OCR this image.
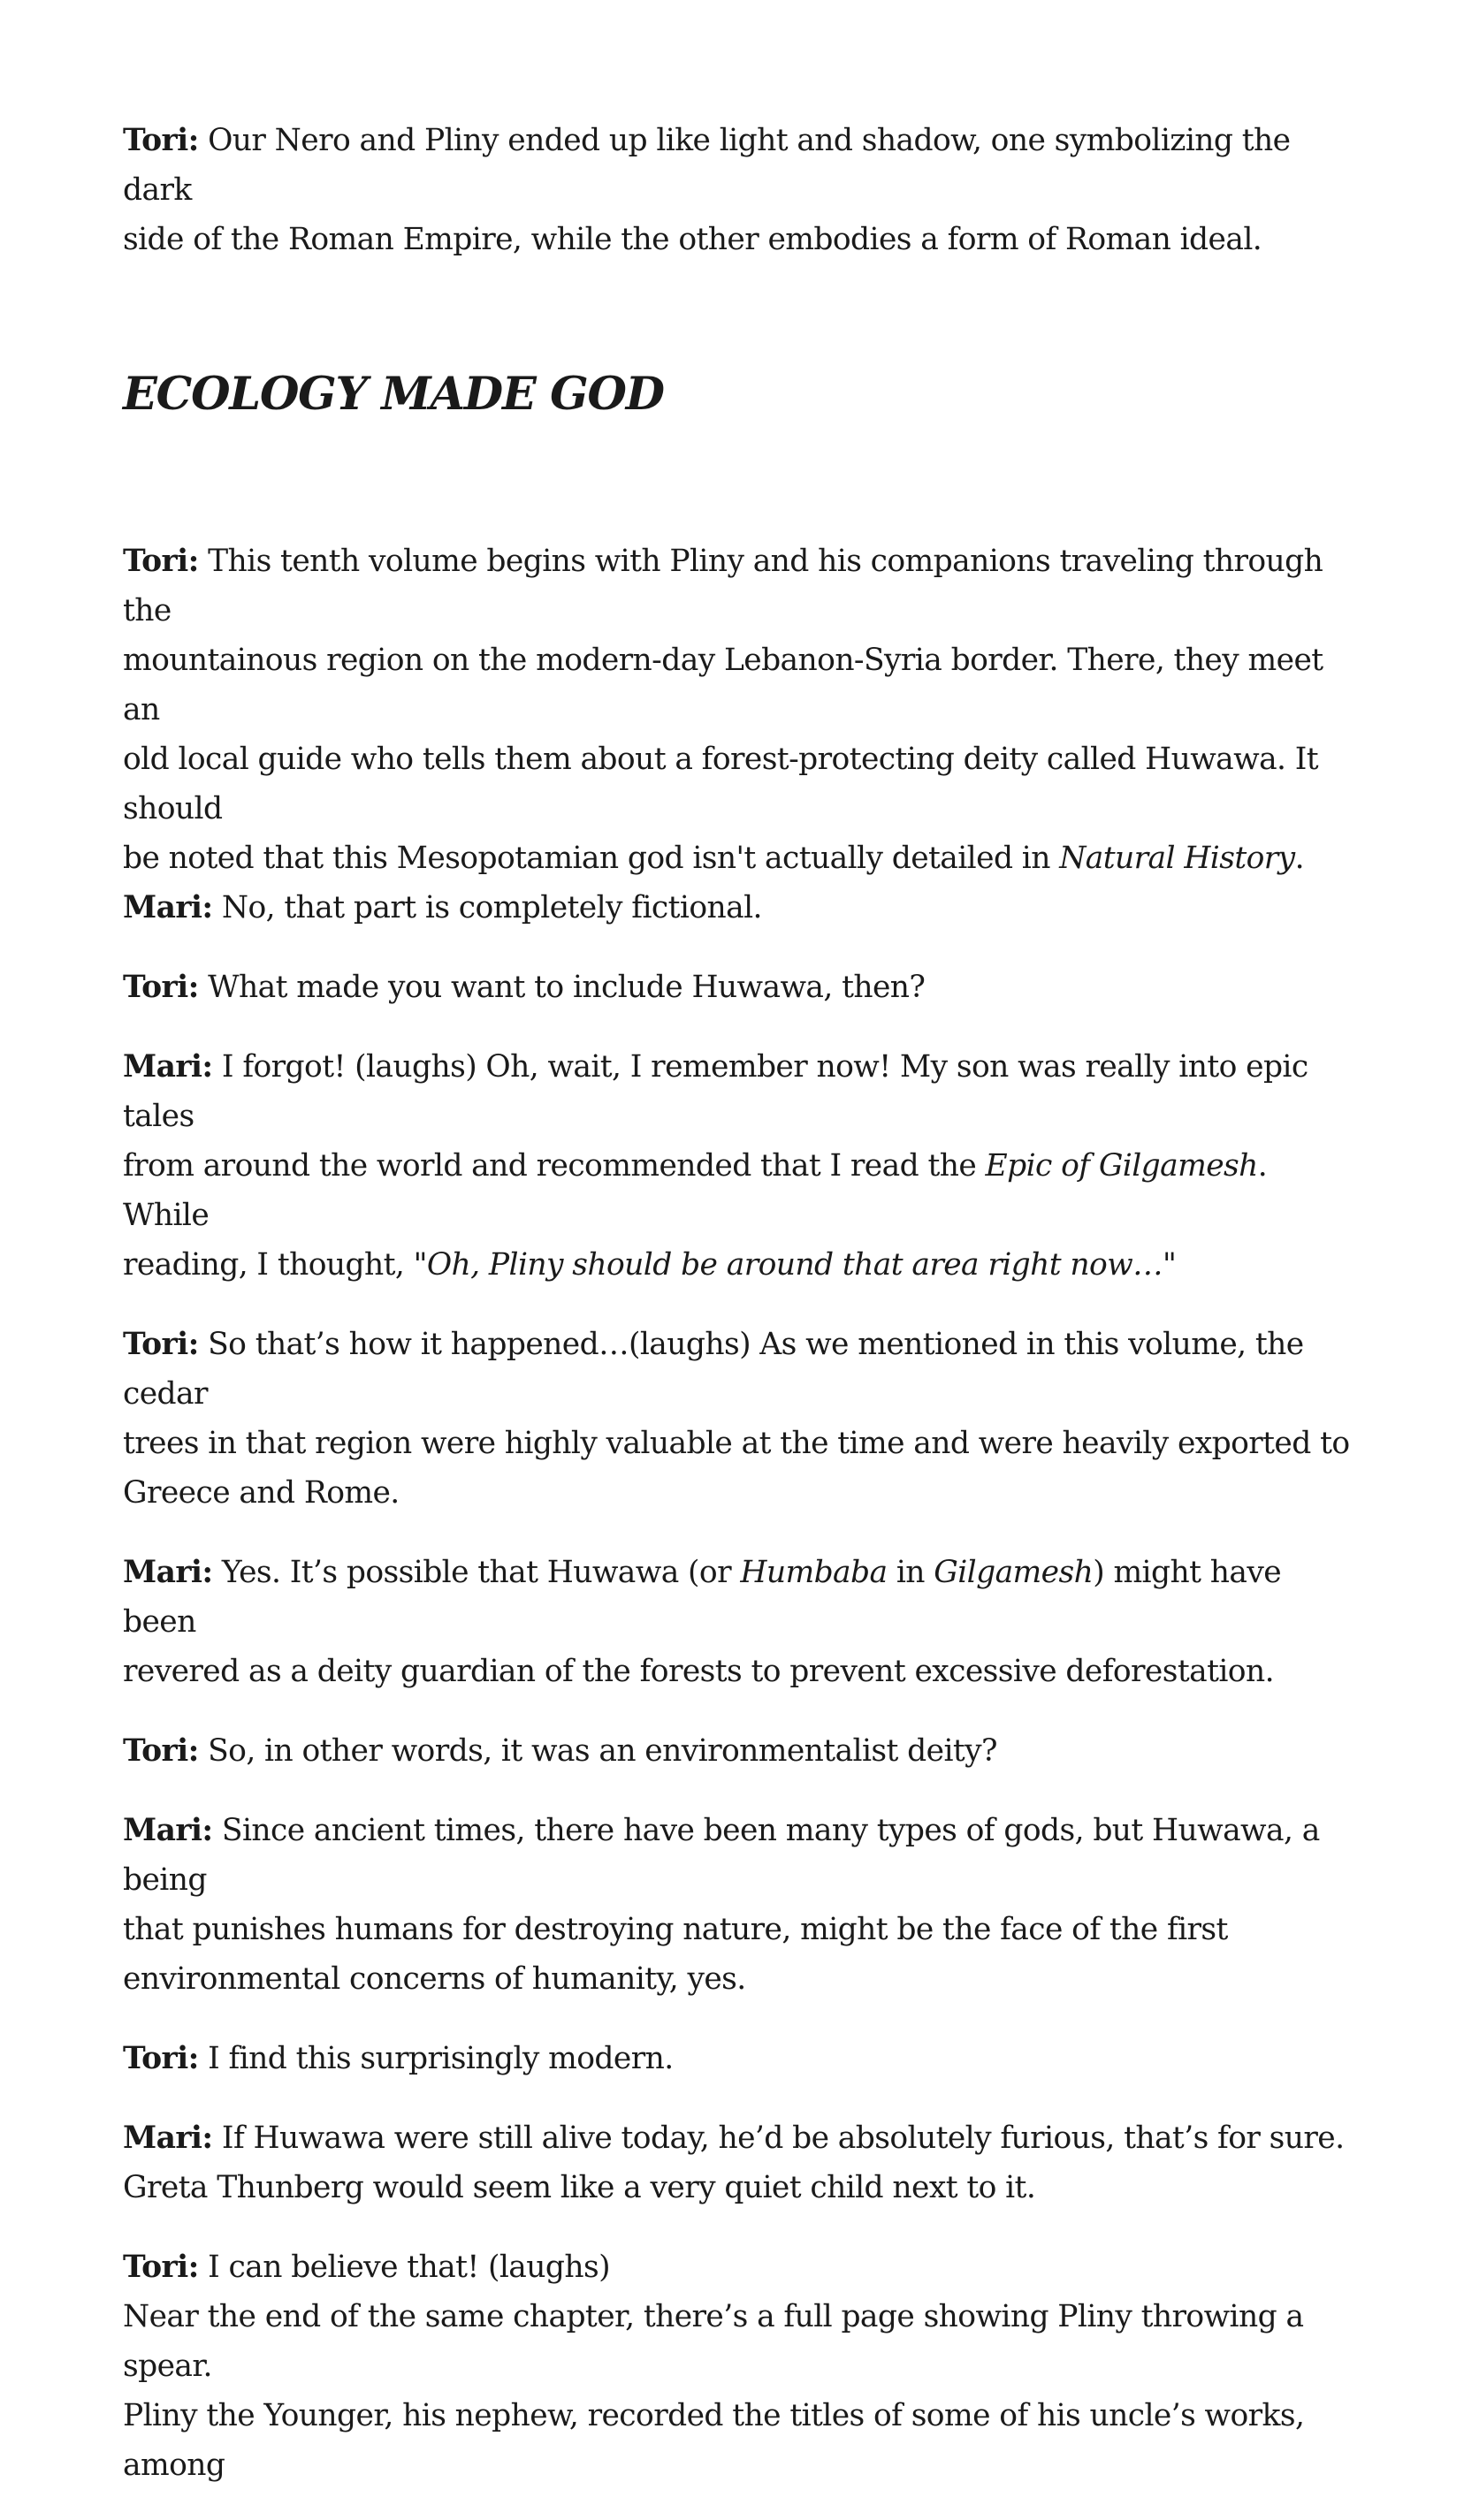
Tori: Our Nero and Pliny ended up like light and shadow, one symbolizing the dark
side of the Roman Empire, while the other embodies a form of Roman ideal.

ECOLOGY MADE GOD

Tori: This tenth volume begins with Pliny and his companions traveling through the
mountainous region on the modern-day Lebanon-Syria border. There, they meet an
old local guide who tells them about a forest-protecting deity called Huwawa. It should
be noted that this Mesopotamian god isn't actually detailed in Natural History.

Mari: No, that part is completely fictional.

Tori: What made you want to include Huwawa, then?

Mari: I forgot! (laughs) Oh, wait, I remember now! My son was really into epic tales
from around the world and recommended that I read the Epic of Gilgamesh. While
reading, I thought, "Oh, Pliny should be around that area right now…"

Tori: So that’s how it happened…(laughs) As we mentioned in this volume, the cedar
trees in that region were highly valuable at the time and were heavily exported to
Greece and Rome.

Mari: Yes. It’s possible that Huwawa (or Humbaba in Gilgamesh) might have been
revered as a deity guardian of the forests to prevent excessive deforestation.

Tori: So, in other words, it was an environmentalist deity?

Mari: Since ancient times, there have been many types of gods, but Huwawa, a being
that punishes humans for destroying nature, might be the face of the first
environmental concerns of humanity, yes.

Tori: I find this surprisingly modern.

Mari: If Huwawa were still alive today, he’d be absolutely furious, that’s for sure.
Greta Thunberg would seem like a very quiet child next to it.

Tori: I can believe that! (laughs)
Near the end of the same chapter, there’s a full page showing Pliny throwing a spear.
Pliny the Younger, his nephew, recorded the titles of some of his uncle’s works, among
